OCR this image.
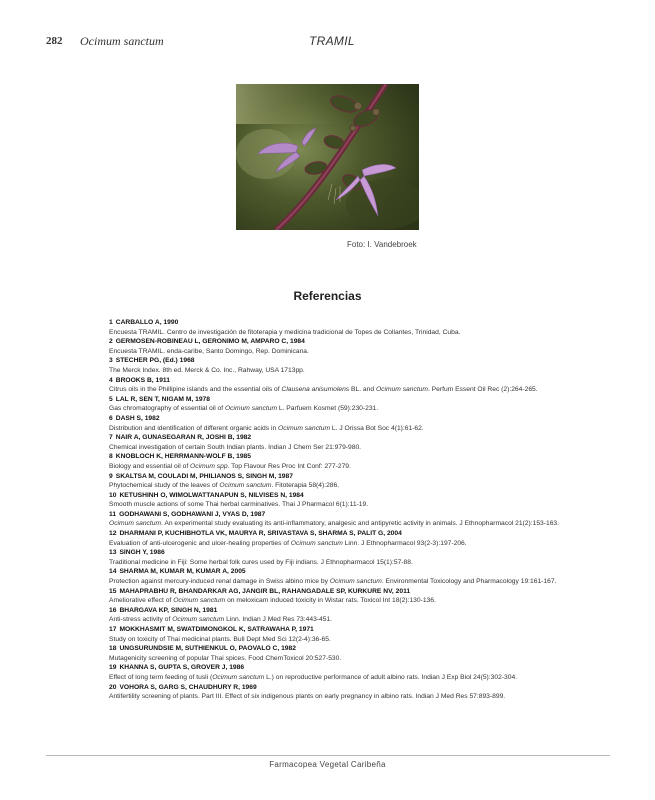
282 Ocimum sanctum	TRAMIL
Foto: I. Vandebroek
Referencias
1 CARBALLO A, 1990
Encuesta TRAMIL. Centro de investigación de fitoterapia y medicina tradicional de Topes de Collantes, Trinidad, Cuba.
2 GERMOSEN-ROBINEAU L, GERONIMO M, AMPARO C, 1984
Encuesta TRAMIL. enda-caribe, Santo Domingo, Rep. Dominicana.
3 STECHER PG, (Ed.) 1968
The Merck Index. 8th ed. Merck & Co. Inc., Rahway, USA 1713pp.
4 BROOKS B, 1911
Citrus oils in the Phillipine islands and the essential oils of Clausena anisumolens BL. and Ocimum sanctum. Perfum Essent Oil Rec (2):264-265.
5 LAL R, SEN T, NIGAM M, 1978
Gas chromatography of essential oil of Ocimum sanctum L. Parfuem Kosmet (59):230-231.
6 DASH S, 1982
Distribution and identification of different organic acids in Ocimum sanctum L. J Orissa Bot Soc 4(1):61-62.
7 NAIR A, GUNASEGARAN R, JOSHI B, 1982
Chemical investigation of certain South Indian plants. Indian J Chem Ser 21:979-980.
8 KNOBLOCH K, HERRMANN-WOLF B, 1985
Biology and essential oil of Ocimum spp. Top Flavour Res Proc Int Conf: 277-279.
9 SKALTSA M, COULADI M, PHILIANOS S, SINGH M, 1987
Phytochemical study of the leaves of Ocimum sanctum. Fitoterapia 58(4):286.
10 KETUSHINH O, WIMOLWATTANAPUN S, NILVISES N, 1984
Smooth muscle actions of some Thai herbal carminatives. Thai J Pharmacol 6(1):11-19.
11 GODHAWANI S, GODHAWANI J, VYAS D, 1987
Ocimum sanctum. An experimental study evaluating its anti-inflammatory, analgesic and antipyretic activity in animals. J Ethnopharmacol 21(2):153-163.
12 DHARMANI P, KUCHIBHOTLA VK, MAURYA R, SRIVASTAVA S, SHARMA S, PALIT G, 2004
Evaluation of anti-ulcerogenic and ulcer-healing properties of Ocimum sanctum Linn. J Ethnopharmacol 93(2-3):197-206.
13 SINGH Y, 1986
Traditional medicine in Fiji: Some herbal folk cures used by Fiji indians. J Ethnopharmacol 15(1):57-88.
14 SHARMA M, KUMAR M, KUMAR A, 2005
Protection against mercury-induced renal damage in Swiss albino mice by Ocimum sanctum. Environmental Toxicology and Pharmacology 19:161-167.
15 MAHAPRABHU R, BHANDARKAR AG, JANGIR BL, RAHANGADALE SP, KURKURE NV, 2011
Ameliorative effect of Ocimum sanctum on meloxicam induced toxicity in Wistar rats. Toxicol Int 18(2):130-136.
16 BHARGAVA KP, SINGH N, 1981
Anti-stress activity of Ocimum sanctum Linn. Indian J Med Res 73:443-451.
17 MOKKHASMIT M, SWATDIMONGKOL K, SATRAWAHA P, 1971
Study on toxicity of Thai medicinal plants. Bull Dept Med Sci 12(2-4):36-65.
18 UNGSURUNDSIE M, SUTHIENKUL O, PAOVALO C, 1982
Mutagenicity screening of popular Thai spices. Food ChemToxicol 20:527-530.
19 KHANNA S, GUPTA S, GROVER J, 1986
Effect of long term feeding of tusli (Ocimum sanctum L.) on reproductive performance of adult albino rats. Indian J Exp Biol 24(5):302-304.
20 VOHORA S, GARG S, CHAUDHURY R, 1969
Antifertility screening of plants. Part III. Effect of six indigenous plants on early pregnancy in albino rats. Indian J Med Res 57:893-899.
Farmacopea Vegetal Caribeña
